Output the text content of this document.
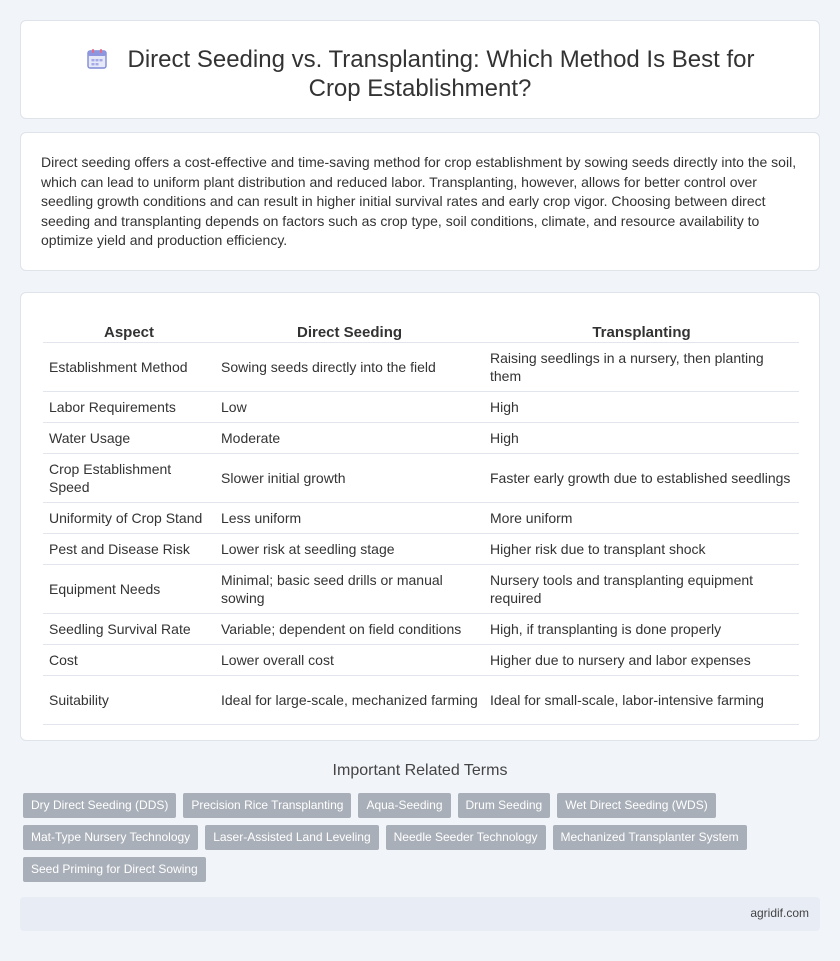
Direct Seeding vs. Transplanting: Which Method Is Best for Crop Establishment?

Direct seeding offers a cost-effective and time-saving method for crop establishment by sowing seeds directly into the soil, which can lead to uniform plant distribution and reduced labor. Transplanting, however, allows for better control over seedling growth conditions and can result in higher initial survival rates and early crop vigor. Choosing between direct seeding and transplanting depends on factors such as crop type, soil conditions, climate, and resource availability to optimize yield and production efficiency.

Aspect	Direct Seeding	Transplanting
Establishment Method	Sowing seeds directly into the field	Raising seedlings in a nursery, then planting them
Labor Requirements	Low	High
Water Usage	Moderate	High
Crop Establishment Speed	Slower initial growth	Faster early growth due to established seedlings
Uniformity of Crop Stand	Less uniform	More uniform
Pest and Disease Risk	Lower risk at seedling stage	Higher risk due to transplant shock
Equipment Needs	Minimal; basic seed drills or manual sowing	Nursery tools and transplanting equipment required
Seedling Survival Rate	Variable; dependent on field conditions	High, if transplanting is done properly
Cost	Lower overall cost	Higher due to nursery and labor expenses
Suitability	Ideal for large-scale, mechanized farming	Ideal for small-scale, labor-intensive farming
Important Related Terms
Dry Direct Seeding (DDS)	Precision Rice Transplanting	Aqua-Seeding	Drum Seeding	Wet Direct Seeding (WDS)
Mat-Type Nursery Technology	Laser-Assisted Land Leveling	Needle Seeder Technology	Mechanized Transplanter System
Seed Priming for Direct Sowing
agridif.com
